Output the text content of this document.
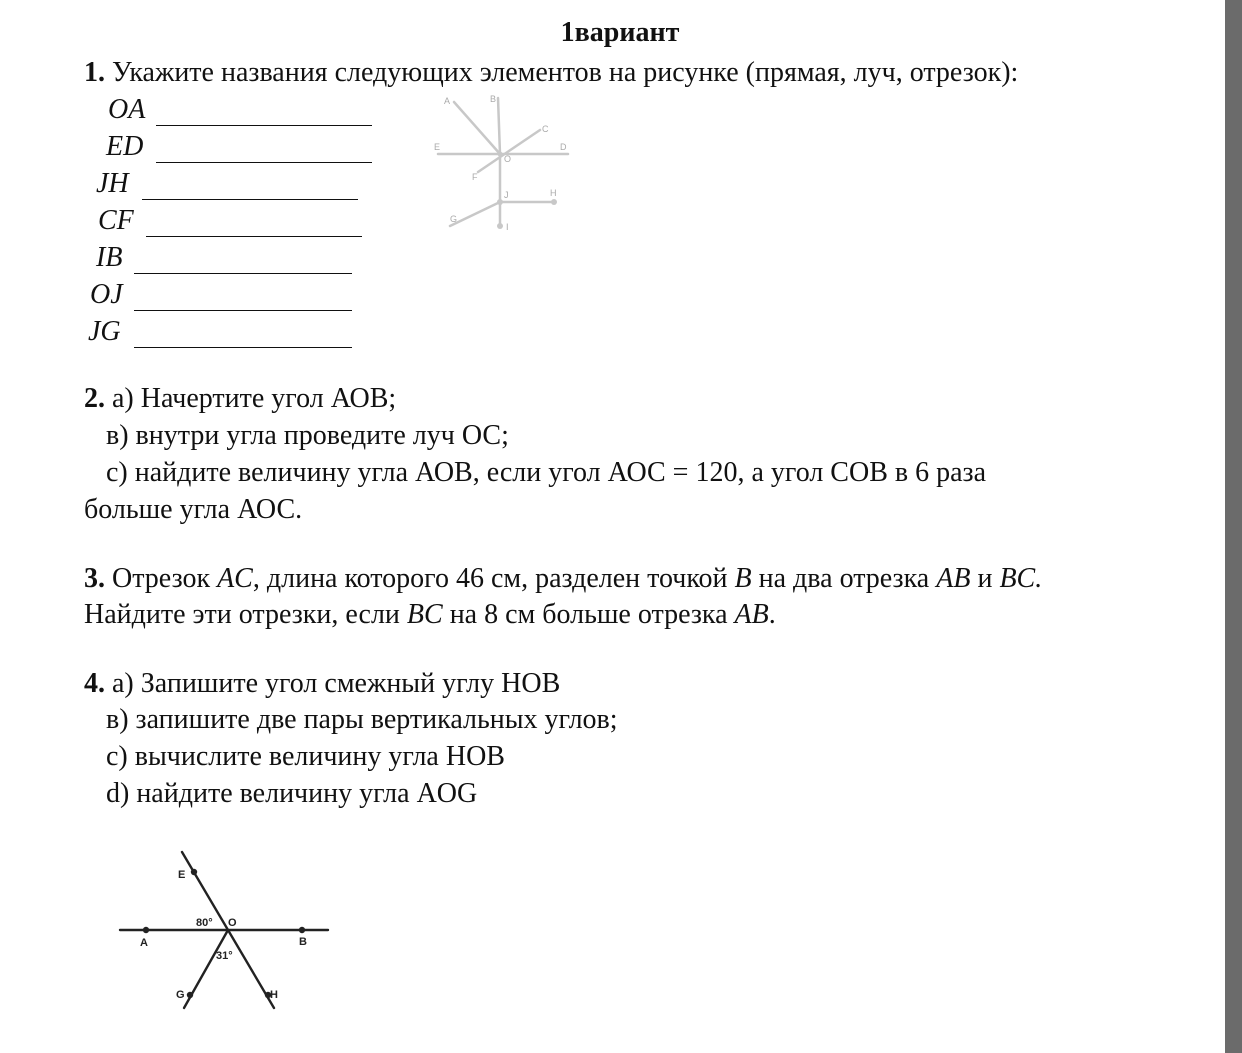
1вариант
1. Укажите названия следующих элементов на рисунке (прямая, луч, отрезок):
OA
ED
JH
CF
IB
OJ
JG
A	B
C
E
O
D
F
J	H
G
I
2. а) Начертите угол АОВ;
в) внутри угла проведите луч ОС;
с) найдите величину угла АОВ, если угол АОС = 120, а угол СОВ в 6 раза
больше угла АОС.
3. Отрезок AC, длина которого 46 см, разделен точкой B на два отрезка AB и BC.
Найдите эти отрезки, если BC на 8 см больше отрезка AB.
4. а) Запишите угол смежный углу НОВ
в) запишите две пары вертикальных углов;
с) вычислите величину угла НОВ
d) найдите величину угла AOG
E
O
A	B
G	H
80°
31°
